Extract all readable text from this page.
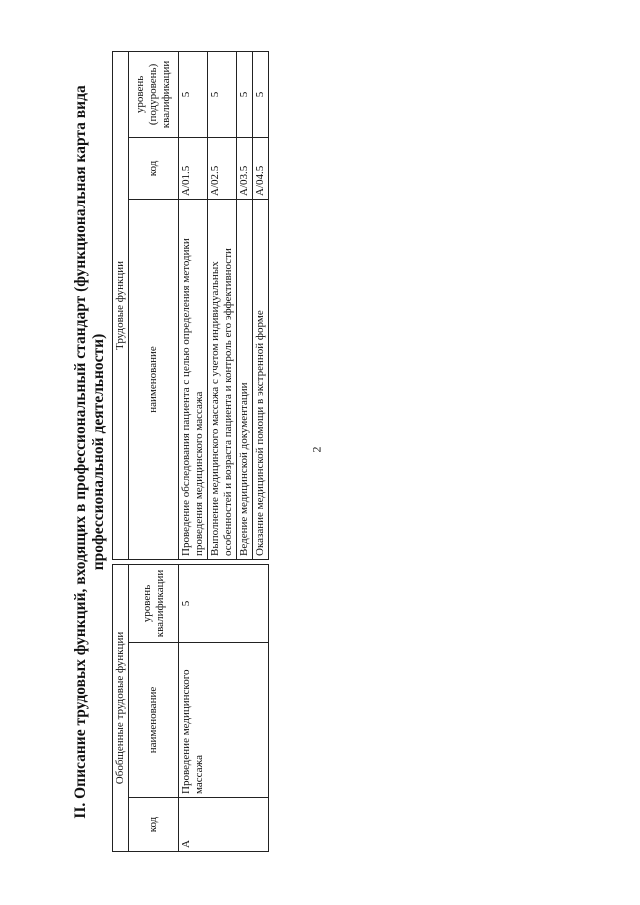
2
II. Описание трудовых функций, входящих в профессиональный стандарт (функциональная карта вида профессиональной деятельности)
Обобщенные трудовые функции				Трудовые функции		
код	наименование	уровень квалификации		наименование	код	уровень (подуровень) квалификации
A	Проведение медицинского массажа	5		Проведение обследования пациента с целью определения методики проведения медицинского массажа	A/01.5	5
				Выполнение медицинского массажа с учетом индивидуальных особенностей и возраста пациента и контроль его эффективности	A/02.5	5
				Ведение медицинской документации	A/03.5	5
				Оказание медицинской помощи в экстренной форме	A/04.5	5
